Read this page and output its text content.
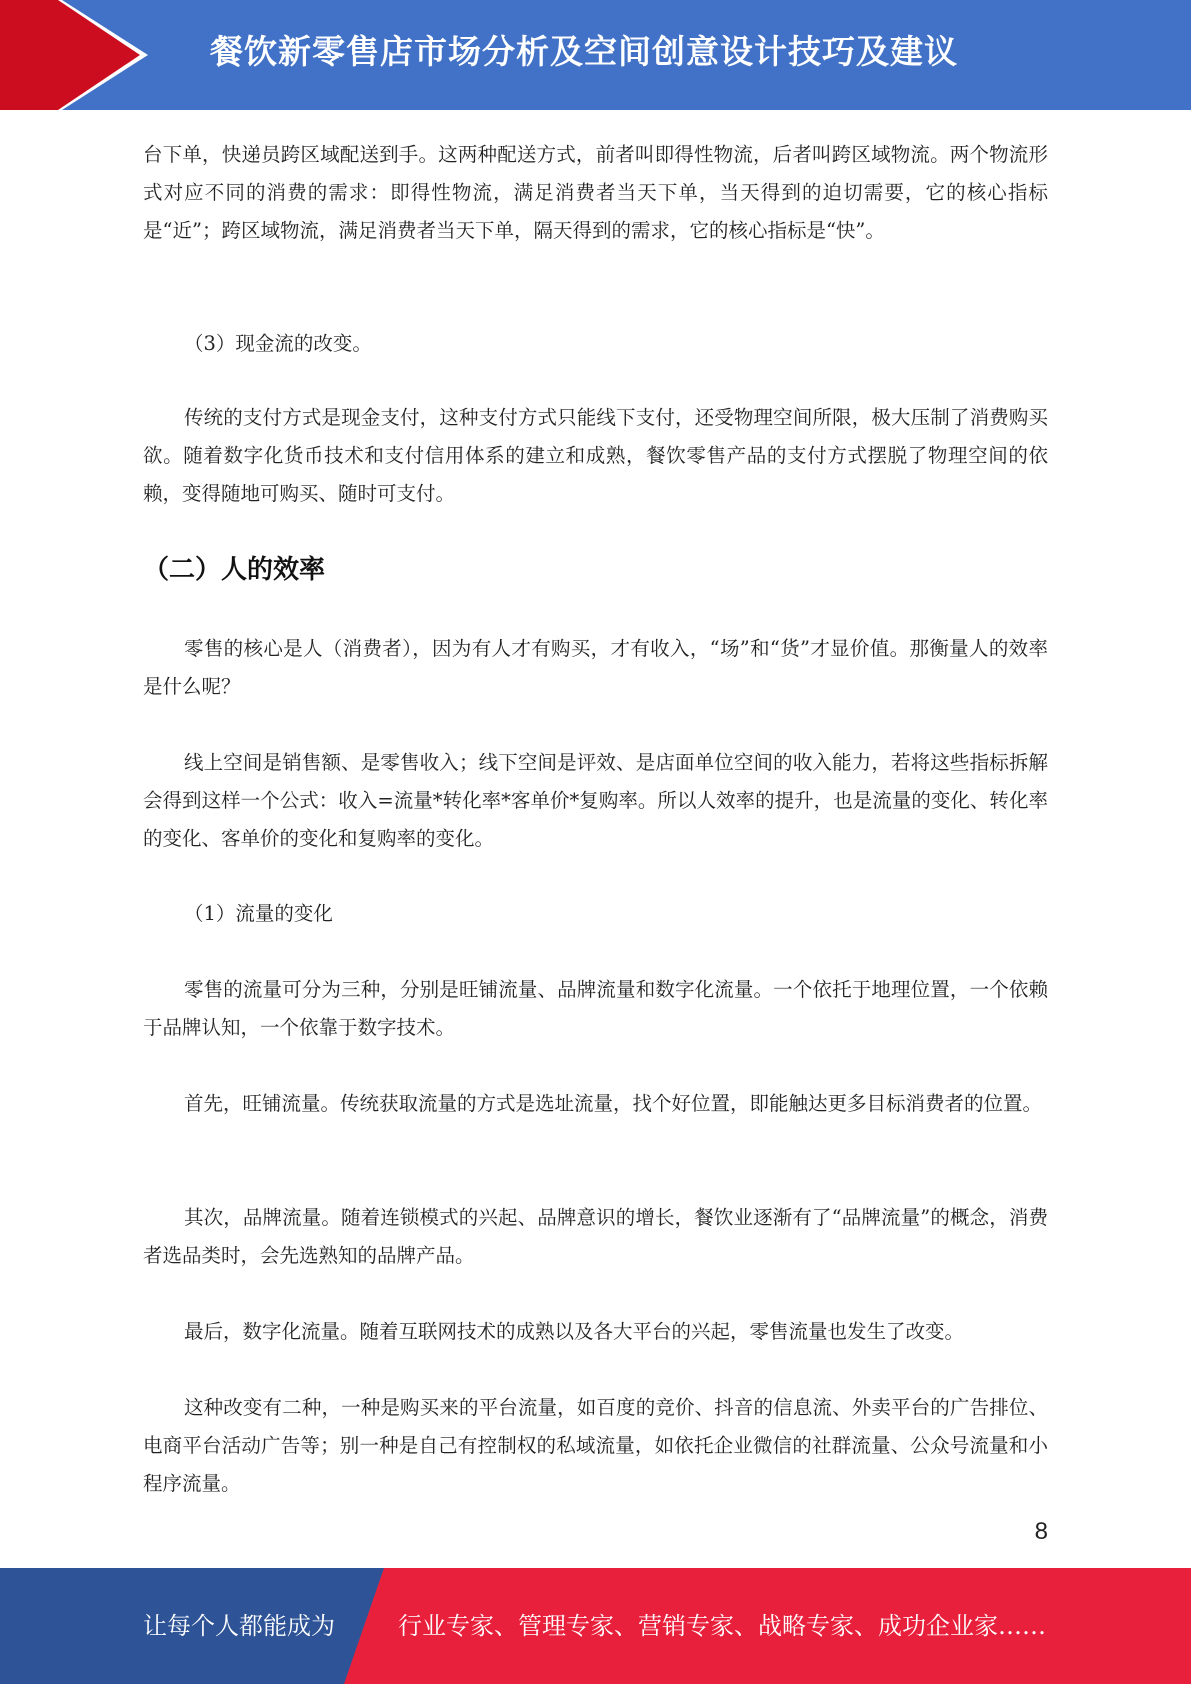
餐饮新零售店市场分析及空间创意设计技巧及建议

台下单，快递员跨区域配送到手。这两种配送方式，前者叫即得性物流，后者叫跨区域物流。两个物流形式对应不同的消费的需求：即得性物流，满足消费者当天下单，当天得到的迫切需要，它的核心指标是“近”；跨区域物流，满足消费者当天下单，隔天得到的需求，它的核心指标是“快”。

（3）现金流的改变。

传统的支付方式是现金支付，这种支付方式只能线下支付，还受物理空间所限，极大压制了消费购买欲。随着数字化货币技术和支付信用体系的建立和成熟，餐饮零售产品的支付方式摆脱了物理空间的依赖，变得随地可购买、随时可支付。

（二）人的效率

零售的核心是人（消费者），因为有人才有购买，才有收入，“场”和“货”才显价值。那衡量人的效率是什么呢？

线上空间是销售额、是零售收入；线下空间是评效、是店面单位空间的收入能力，若将这些指标拆解会得到这样一个公式：收入=流量*转化率*客单价*复购率。所以人效率的提升，也是流量的变化、转化率的变化、客单价的变化和复购率的变化。

（1）流量的变化

零售的流量可分为三种，分别是旺铺流量、品牌流量和数字化流量。一个依托于地理位置，一个依赖于品牌认知，一个依靠于数字技术。

首先，旺铺流量。传统获取流量的方式是选址流量，找个好位置，即能触达更多目标消费者的位置。

其次，品牌流量。随着连锁模式的兴起、品牌意识的增长，餐饮业逐渐有了“品牌流量”的概念，消费者选品类时，会先选熟知的品牌产品。

最后，数字化流量。随着互联网技术的成熟以及各大平台的兴起，零售流量也发生了改变。

这种改变有二种，一种是购买来的平台流量，如百度的竞价、抖音的信息流、外卖平台的广告排位、电商平台活动广告等；别一种是自己有控制权的私域流量，如依托企业微信的社群流量、公众号流量和小程序流量。

8
让每个人都能成为	行业专家、管理专家、营销专家、战略专家、成功企业家……
